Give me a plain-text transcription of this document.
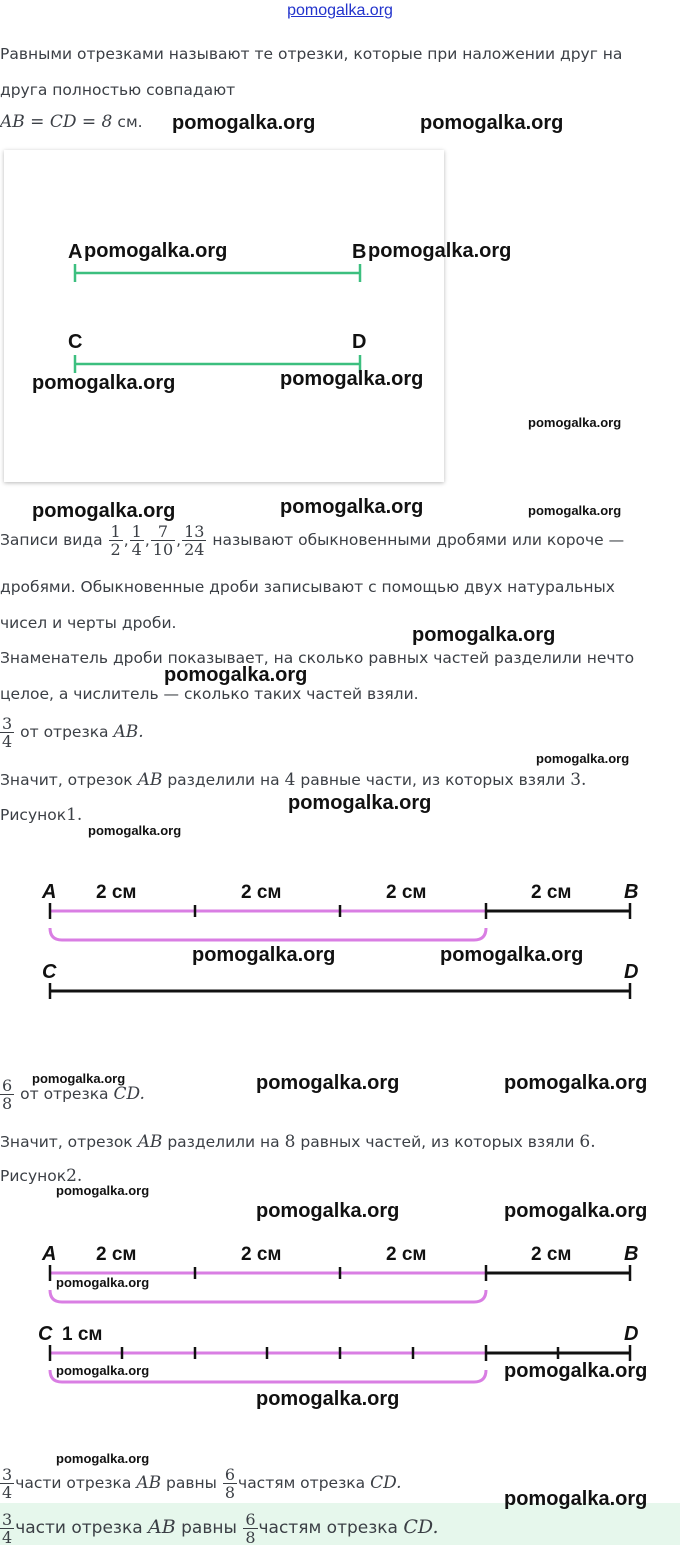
pomogalka.org
Равными отрезками называют те отрезки, которые при наложении друг на
друга полностью совпадают
AB = CD = 8 см.
A	B
C	D
Записи вида $\frac{1}{2}$ , $\frac{1}{4}$ , $\frac{7}{10}$ , $\frac{13}{24}$ называют обыкновенными дробями или короче —
дробями. Обыкновенные дроби записывают с помощью двух натуральных
чисел и черты дроби.
Знаменатель дроби показывает, на сколько равных частей разделили нечто
целое, а числитель — сколько таких частей взяли.
$\frac{3}{4}$ от отрезка AB.
Значит, отрезок AB разделили на 4 равные части, из которых взяли 3.
Рисунок1.
A	B
2 см	2 см	2 см	2 см
C	D
$\frac{6}{8}$ от отрезка CD.
Значит, отрезок AB разделили на 8 равных частей, из которых взяли 6.
Рисунок2.
A	B
2 см	2 см	2 см	2 см
C 1 см	D
$\frac{3}{4}$ части отрезка AB равны $\frac{6}{8}$ частям отрезка CD.
$\frac{3}{4}$ части отрезка AB равны $\frac{6}{8}$ частям отрезка CD.
pomogalka.org	pomogalka.org
pomogalka.org	pomogalka.org
pomogalka.org	pomogalka.org
pomogalka.org	pomogalka.org
pomogalka.org
pomogalka.org
pomogalka.org
pomogalka.org	pomogalka.org
pomogalka.org	pomogalka.org
pomogalka.org	pomogalka.org
pomogalka.org
pomogalka.org
pomogalka.org
pomogalka.org
pomogalka.org
pomogalka.org
pomogalka.org
pomogalka.org
pomogalka.org
pomogalka.org
pomogalka.org
pomogalka.org
